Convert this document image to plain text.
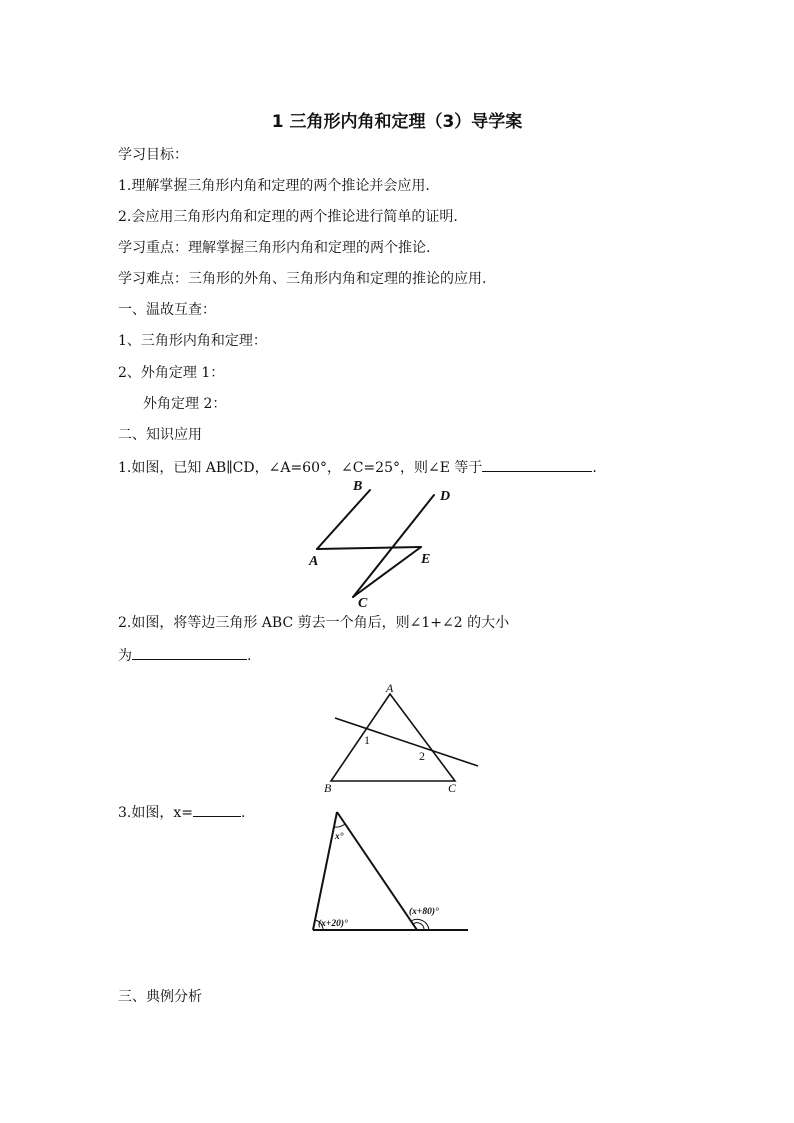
1 三角形内角和定理（3）导学案
学习目标：
1.理解掌握三角形内角和定理的两个推论并会应用.
2.会应用三角形内角和定理的两个推论进行简单的证明.
学习重点：理解掌握三角形内角和定理的两个推论.
学习难点：三角形的外角、三角形内角和定理的推论的应用.
一、温故互查：
1、三角形内角和定理：
2、外角定理 1：
外角定理 2：
二、知识应用
1.如图，已知 AB∥CD，∠A=60°，∠C=25°，则∠E 等于	.
B
D
A	E
C
2.如图，将等边三角形 ABC 剪去一个角后，则∠1+∠2 的大小
为	.
A
B	C
1
2
3.如图，x=	.
x°
(x+20)°
(x+80)°
三、典例分析
